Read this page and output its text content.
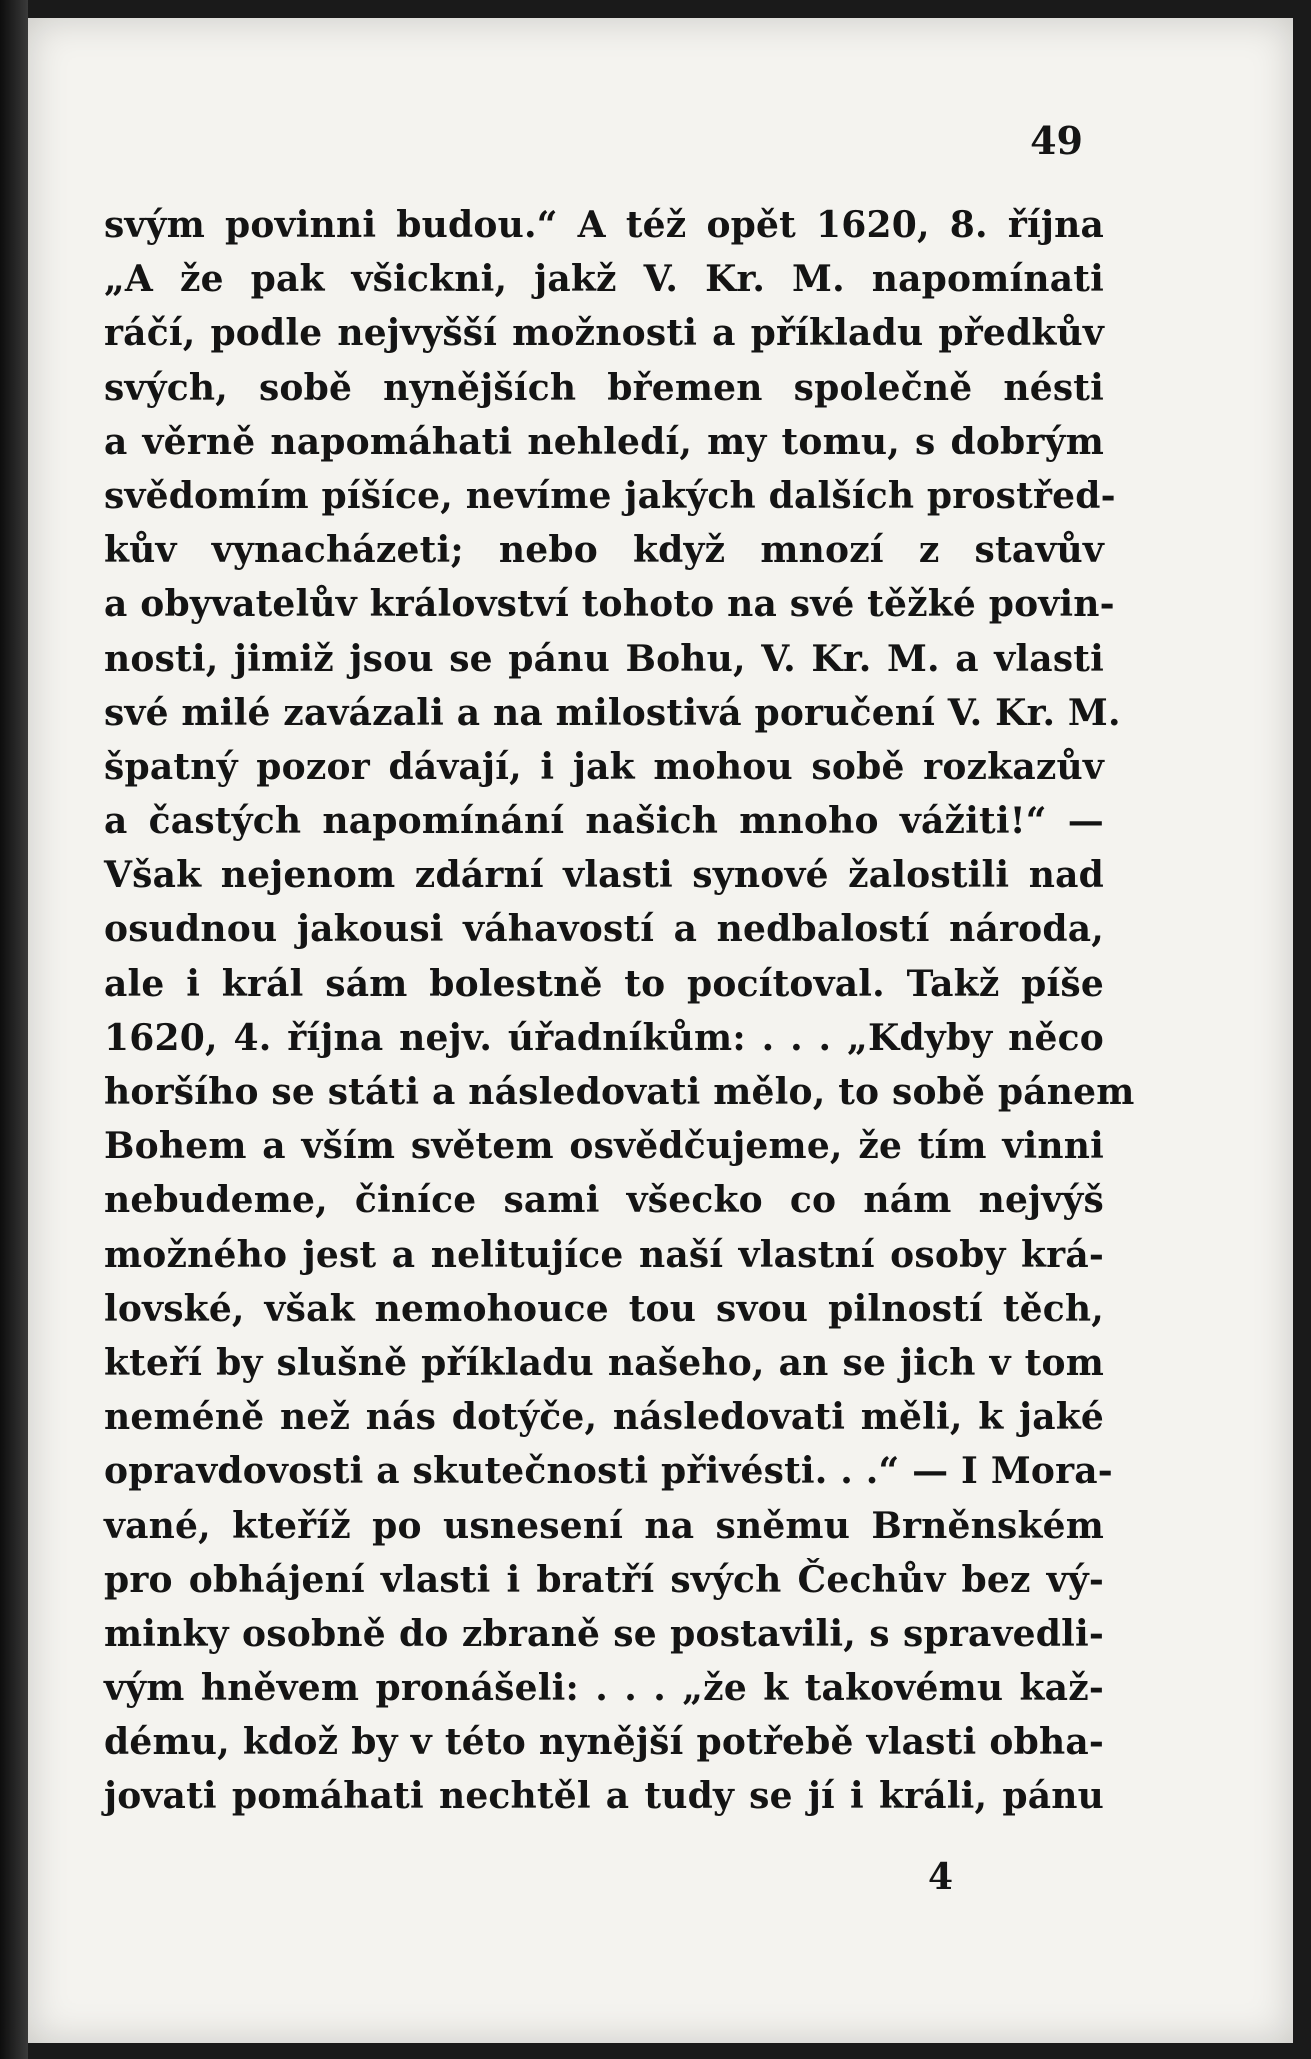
49
svým povinni budou.“ A též opět 1620, 8. října
„A že pak všickni, jakž V. Kr. M. napomínati
ráčí, podle nejvyšší možnosti a příkladu předkův
svých, sobě nynějších břemen společně nésti
a věrně napomáhati nehledí, my tomu, s dobrým
svědomím píšíce, nevíme jakých dalších prostřed-
kův vynacházeti; nebo když mnozí z stavův
a obyvatelův království tohoto na své těžké povin-
nosti, jimiž jsou se pánu Bohu, V. Kr. M. a vlasti
své milé zavázali a na milostivá poručení V. Kr. M.
špatný pozor dávají, i jak mohou sobě rozkazův
a častých napomínání našich mnoho vážiti!“ —
Však nejenom zdární vlasti synové žalostili nad
osudnou jakousi váhavostí a nedbalostí národa,
ale i král sám bolestně to pocítoval. Takž píše
1620, 4. října nejv. úřadníkům: . . . „Kdyby něco
horšího se státi a následovati mělo, to sobě pánem
Bohem a vším světem osvědčujeme, že tím vinni
nebudeme, činíce sami všecko co nám nejvýš
možného jest a nelitujíce naší vlastní osoby krá-
lovské, však nemohouce tou svou pilností těch,
kteří by slušně příkladu našeho, an se jich v tom
neméně než nás dotýče, následovati měli, k jaké
opravdovosti a skutečnosti přivésti. . .“ — I Mora-
vané, kteříž po usnesení na sněmu Brněnském
pro obhájení vlasti i bratří svých Čechův bez vý-
minky osobně do zbraně se postavili, s spravedli-
vým hněvem pronášeli: . . . „že k takovému kaž-
dému, kdož by v této nynější potřebě vlasti obha-
jovati pomáhati nechtěl a tudy se jí i králi, pánu
4
